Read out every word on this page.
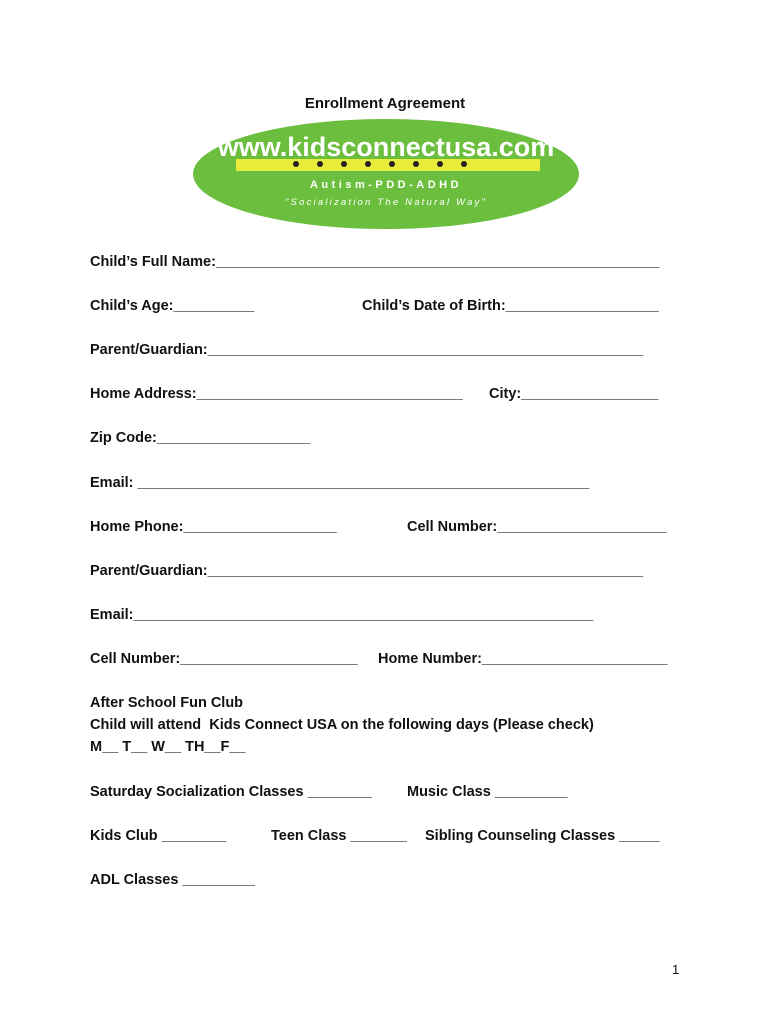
Enrollment Agreement
www.kidsconnectusa.com
Autism-PDD-ADHD
"Socialization The Natural Way"
Child’s Full Name:_______________________________________________________
Child’s Age:__________	Child’s Date of Birth:___________________
Parent/Guardian:______________________________________________________
Home Address:_________________________________ City:_________________
Zip Code:___________________
Email: ________________________________________________________
Home Phone:___________________	Cell Number:_____________________
Parent/Guardian:______________________________________________________
Email:_________________________________________________________
Cell Number:______________________ Home Number:_______________________
After School Fun Club
Child will attend  Kids Connect USA on the following days (Please check)
M__ T__ W__ TH__F__
Saturday Socialization Classes ________ Music Class _________
Kids Club ________	Teen Class _______ Sibling Counseling Classes _____
ADL Classes _________
1
